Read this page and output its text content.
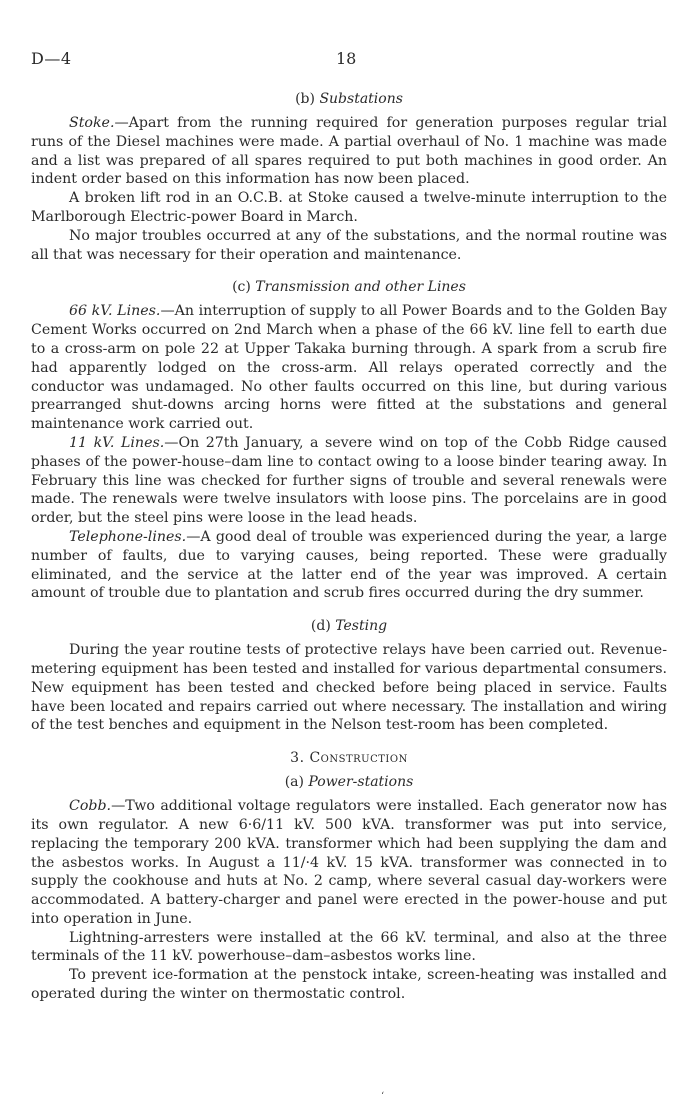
D—4	18
(b) Substations

Stoke.—Apart from the running required for generation purposes regular trial runs of the Diesel machines were made. A partial overhaul of No. 1 machine was made and a list was prepared of all spares required to put both machines in good order. An indent order based on this information has now been placed.

A broken lift rod in an O.C.B. at Stoke caused a twelve-minute interruption to the Marlborough Electric-power Board in March.

No major troubles occurred at any of the substations, and the normal routine was all that was necessary for their operation and maintenance.

(c) Transmission and other Lines

66 kV. Lines.—An interruption of supply to all Power Boards and to the Golden Bay Cement Works occurred on 2nd March when a phase of the 66 kV. line fell to earth due to a cross-arm on pole 22 at Upper Takaka burning through. A spark from a scrub fire had apparently lodged on the cross-arm. All relays operated correctly and the conductor was undamaged. No other faults occurred on this line, but during various prearranged shut-downs arcing horns were fitted at the substations and general maintenance work carried out.

11 kV. Lines.—On 27th January, a severe wind on top of the Cobb Ridge caused phases of the power-house–dam line to contact owing to a loose binder tearing away. In February this line was checked for further signs of trouble and several renewals were made. The renewals were twelve insulators with loose pins. The porcelains are in good order, but the steel pins were loose in the lead heads.

Telephone-lines.—A good deal of trouble was experienced during the year, a large number of faults, due to varying causes, being reported. These were gradually eliminated, and the service at the latter end of the year was improved. A certain amount of trouble due to plantation and scrub fires occurred during the dry summer.

(d) Testing

During the year routine tests of protective relays have been carried out. Revenue-metering equipment has been tested and installed for various departmental consumers. New equipment has been tested and checked before being placed in service. Faults have been located and repairs carried out where necessary. The installation and wiring of the test benches and equipment in the Nelson test-room has been completed.

3. Construction
(a) Power-stations

Cobb.—Two additional voltage regulators were installed. Each generator now has its own regulator. A new 6·6/11 kV. 500 kVA. transformer was put into service, replacing the temporary 200 kVA. transformer which had been supplying the dam and the asbestos works. In August a 11/·4 kV. 15 kVA. transformer was connected in to supply the cookhouse and huts at No. 2 camp, where several casual day-workers were accommodated. A battery-charger and panel were erected in the power-house and put into operation in June.

Lightning-arresters were installed at the 66 kV. terminal, and also at the three terminals of the 11 kV. powerhouse–dam–asbestos works line.

To prevent ice-formation at the penstock intake, screen-heating was installed and operated during the winter on thermostatic control.

ʻ
